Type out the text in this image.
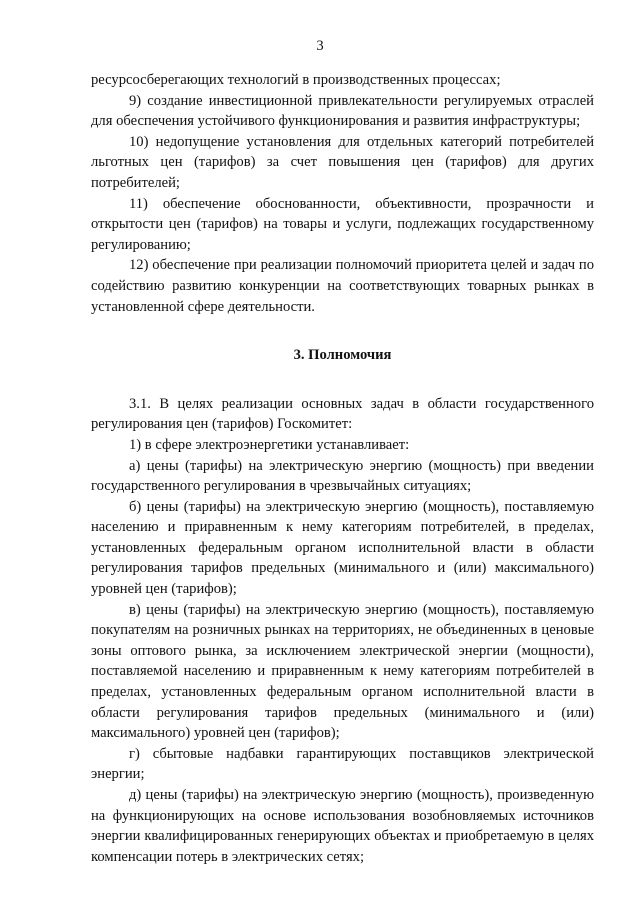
3

ресурсосберегающих технологий в производственных процессах;

9) создание инвестиционной привлекательности регулируемых отраслей для обеспечения устойчивого функционирования и развития инфраструктуры;

10) недопущение установления для отдельных категорий потребителей льготных цен (тарифов) за счет повышения цен (тарифов) для других потребителей;

11) обеспечение обоснованности, объективности, прозрачности и открытости цен (тарифов) на товары и услуги, подлежащих государственному регулированию;

12) обеспечение при реализации полномочий приоритета целей и задач по содействию развитию конкуренции на соответствующих товарных рынках в установленной сфере деятельности.

3. Полномочия

3.1. В целях реализации основных задач в области государственного регулирования цен (тарифов) Госкомитет:

1) в сфере электроэнергетики устанавливает:

а) цены (тарифы) на электрическую энергию (мощность) при введении государственного регулирования в чрезвычайных ситуациях;

б) цены (тарифы) на электрическую энергию (мощность), поставляемую населению и приравненным к нему категориям потребителей, в пределах, установленных федеральным органом исполнительной власти в области регулирования тарифов предельных (минимального и (или) максимального) уровней цен (тарифов);

в) цены (тарифы) на электрическую энергию (мощность), поставляемую покупателям на розничных рынках на территориях, не объединенных в ценовые зоны оптового рынка, за исключением электрической энергии (мощности), поставляемой населению и приравненным к нему категориям потребителей в пределах, установленных федеральным органом исполнительной власти в области регулирования тарифов предельных (минимального и (или) максимального) уровней цен (тарифов);

г) сбытовые надбавки гарантирующих поставщиков электрической энергии;

д) цены (тарифы) на электрическую энергию (мощность), произведенную на функционирующих на основе использования возобновляемых источников энергии квалифицированных генерирующих объектах и приобретаемую в целях компенсации потерь в электрических сетях;
